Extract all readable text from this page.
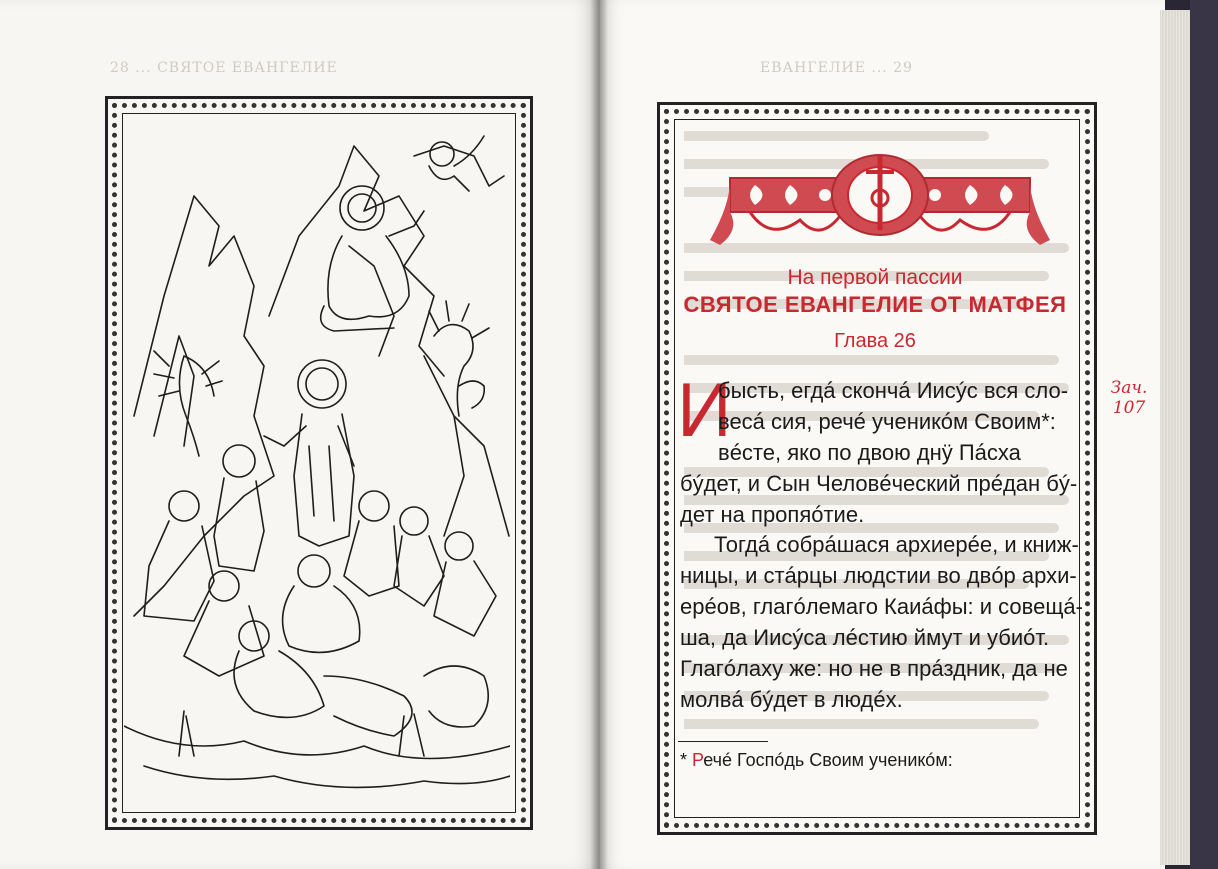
28 ... СВЯТОЕ ЕВАНГЕЛИЕ	ЕВАНГЕЛИЕ ... 29
На первой пассии
СВЯТОЕ ЕВАНГЕЛИЕ ОТ МАТФЕЯ
Глава 26
И
бысть, егдá скончá Иисýс вся сло-
весá сия, речé ученикóм Своим*:
вéсте, яко по двою днÿ Пáсха
бýдет, и Сын Человéческий прéдан бý-
дет на пропяóтие.
Тогдá собрáшася архиерéе, и книж-
ницы, и стáрцы людстии во двóр архи-
ерéов, глагóлемаго Каиáфы: и совещá-
ша, да Иисýса лéстию ймут и убиóт.
Глагóлаху же: но не в прáздник, да не
молвá бýдет в людéх.
* Речé Госпóдь Своим ученикóм:
Зач.
107
